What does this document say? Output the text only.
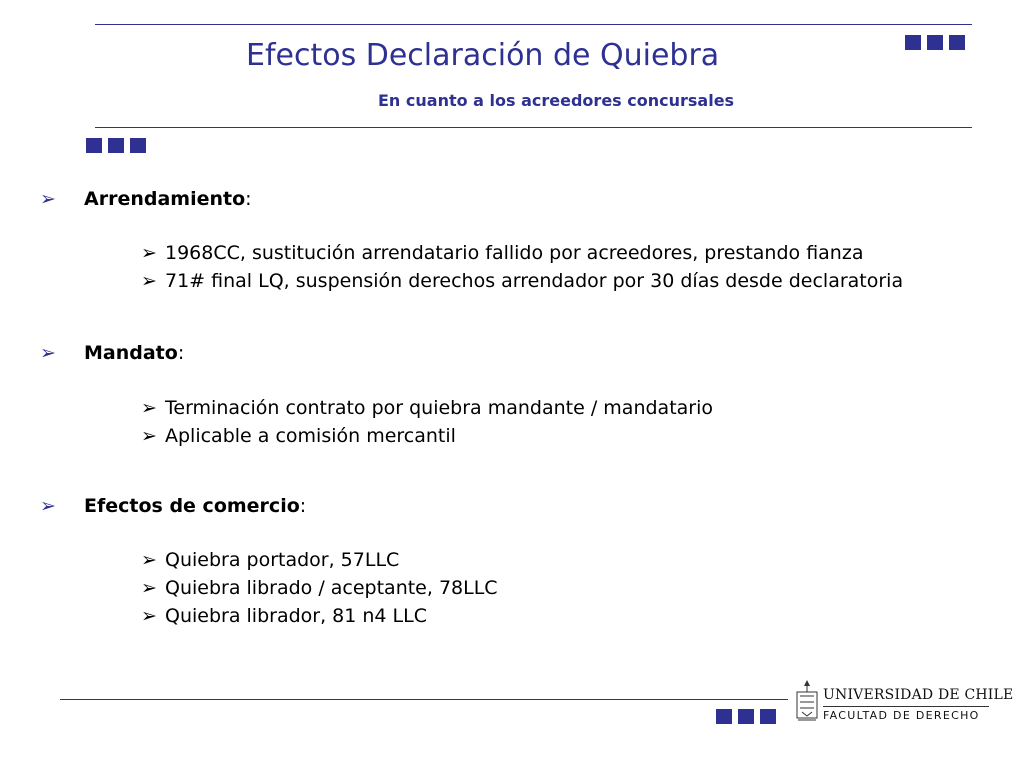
Efectos Declaración de Quiebra
En cuanto a los acreedores concursales
➢ Arrendamiento:
➢ 1968CC, sustitución arrendatario fallido por acreedores, prestando fianza
➢ 71# final LQ, suspensión derechos arrendador por 30 días desde declaratoria
➢ Mandato:
➢ Terminación contrato por quiebra mandante / mandatario
➢ Aplicable a comisión mercantil
➢ Efectos de comercio:
➢ Quiebra portador, 57LLC
➢ Quiebra librado / aceptante, 78LLC
➢ Quiebra librador, 81 n4 LLC
UNIVERSIDAD DE CHILE
FACULTAD DE DERECHO
